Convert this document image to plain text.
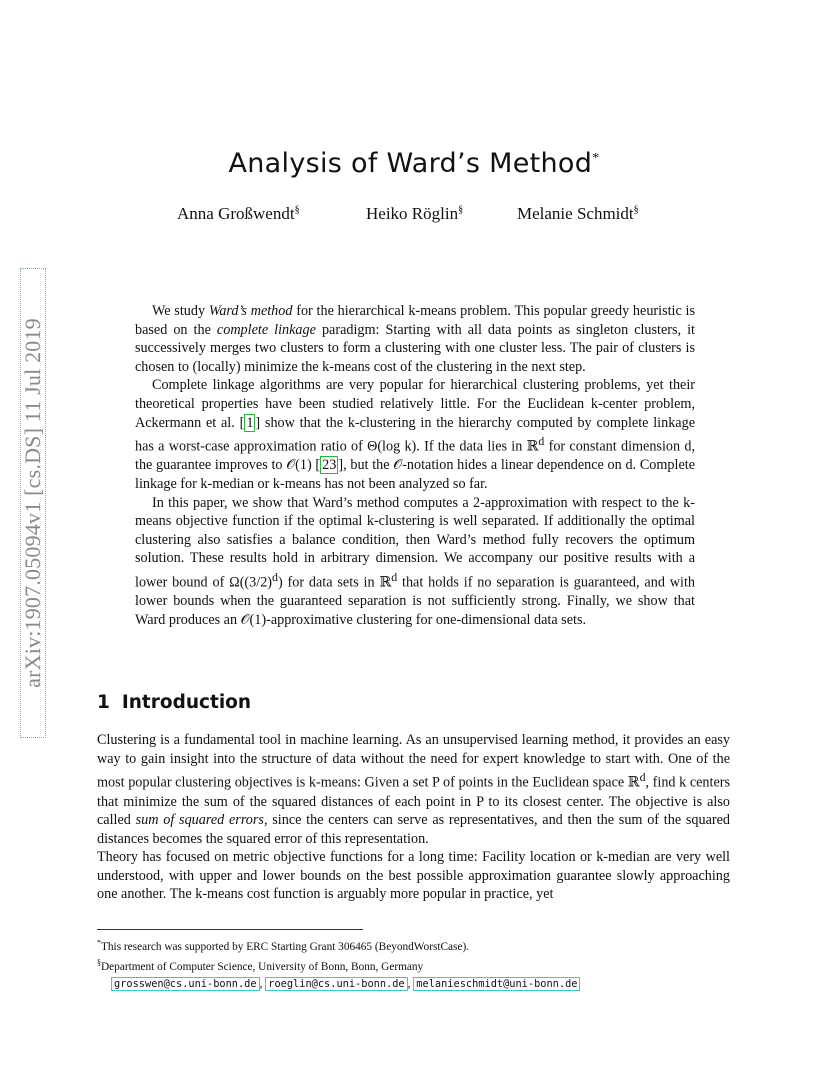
arXiv:1907.05094v1 [cs.DS] 11 Jul 2019
Analysis of Ward’s Method*
Anna Großwendt§	Heiko Röglin§	Melanie Schmidt§

We study Ward’s method for the hierarchical k-means problem. This popular greedy heuristic is based on the complete linkage paradigm: Starting with all data points as singleton clusters, it successively merges two clusters to form a clustering with one cluster less. The pair of clusters is chosen to (locally) minimize the k-means cost of the clustering in the next step.

Complete linkage algorithms are very popular for hierarchical clustering problems, yet their theoretical properties have been studied relatively little. For the Euclidean k-center problem, Ackermann et al. [ 1 ] show that the k-clustering in the hierarchy computed by complete linkage has a worst-case approximation ratio of Θ(log k). If the data lies in ℝ$^d$ for constant dimension d, the guarantee improves to 𝒪(1) [ 23 ], but the 𝒪-notation hides a linear dependence on d. Complete linkage for k-median or k-means has not been analyzed so far.

In this paper, we show that Ward’s method computes a 2-approximation with respect to the k-means objective function if the optimal k-clustering is well separated. If additionally the optimal clustering also satisfies a balance condition, then Ward’s method fully recovers the optimum solution. These results hold in arbitrary dimension. We accompany our positive results with a lower bound of $\Omega((3/2)^d)$ for data sets in ℝ$^d$ that holds if no separation is guaranteed, and with lower bounds when the guaranteed separation is not sufficiently strong. Finally, we show that Ward produces an 𝒪(1)-approximative clustering for one-dimensional data sets.

1 Introduction

Clustering is a fundamental tool in machine learning. As an unsupervised learning method, it provides an easy way to gain insight into the structure of data without the need for expert knowledge to start with. One of the most popular clustering objectives is k-means: Given a set P of points in the Euclidean space ℝ$^d$, find k centers that minimize the sum of the squared distances of each point in P to its closest center. The objective is also called sum of squared errors, since the centers can serve as representatives, and then the sum of the squared distances becomes the squared error of this representation.

Theory has focused on metric objective functions for a long time: Facility location or k-median are very well understood, with upper and lower bounds on the best possible approximation guarantee slowly approaching one another. The k-means cost function is arguably more popular in practice, yet

*This research was supported by ERC Starting Grant 306465 (BeyondWorstCase).
§Department of Computer Science, University of Bonn, Bonn, Germany
grosswen@cs.uni-bonn.de , roeglin@cs.uni-bonn.de , melanieschmidt@uni-bonn.de
